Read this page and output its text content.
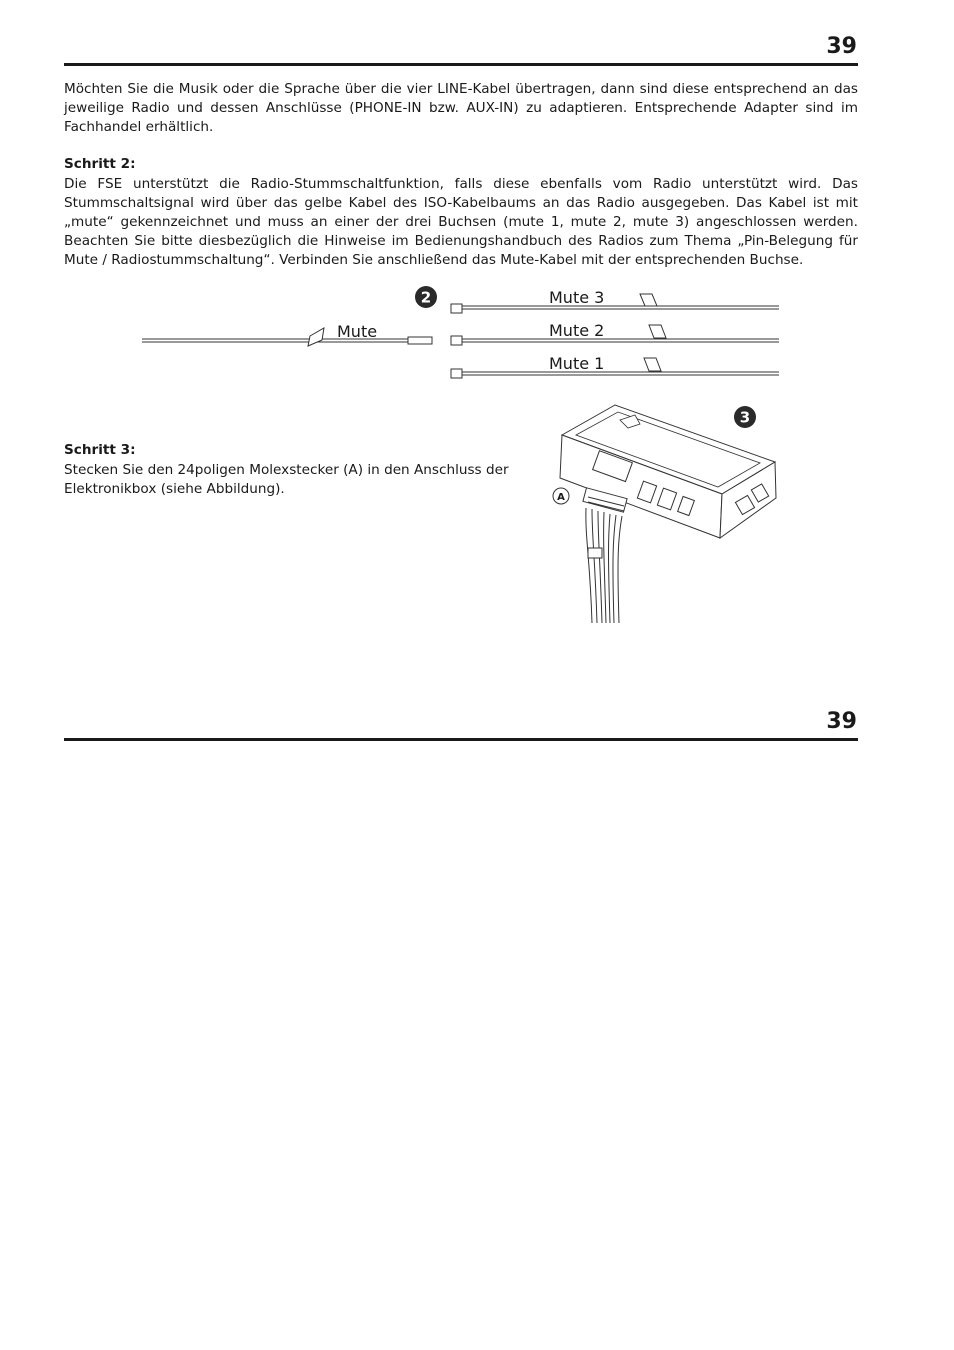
39

Möchten Sie die Musik oder die Sprache über die vier LINE-Kabel übertragen, dann sind diese entsprechend an das jeweilige Radio und dessen Anschlüsse (PHONE-IN bzw. AUX-IN) zu adaptieren. Entsprechende Adapter sind im Fachhandel erhältlich.

Schritt 2:

Die FSE unterstützt die Radio-Stummschaltfunktion, falls diese ebenfalls vom Radio unterstützt wird. Das Stummschaltsignal wird über das gelbe Kabel des ISO-Kabelbaums an das Radio ausgegeben. Das Kabel ist mit „mute“ gekennzeichnet und muss an einer der drei Buchsen (mute 1, mute 2, mute 3) angeschlossen werden. Beachten Sie bitte diesbezüglich die Hinweise im Bedienungshandbuch des Radios zum Thema „Pin-Belegung für Mute / Radiostummschaltung“. Verbinden Sie anschließend das Mute-Kabel mit der entsprechenden Buchse.

2
Mute
Mute 3
Mute 2
Mute 1

Schritt 3:

Stecken Sie den 24poligen Molexstecker (A) in den Anschluss der Elektronikbox (siehe Abbildung).

3
A
39
